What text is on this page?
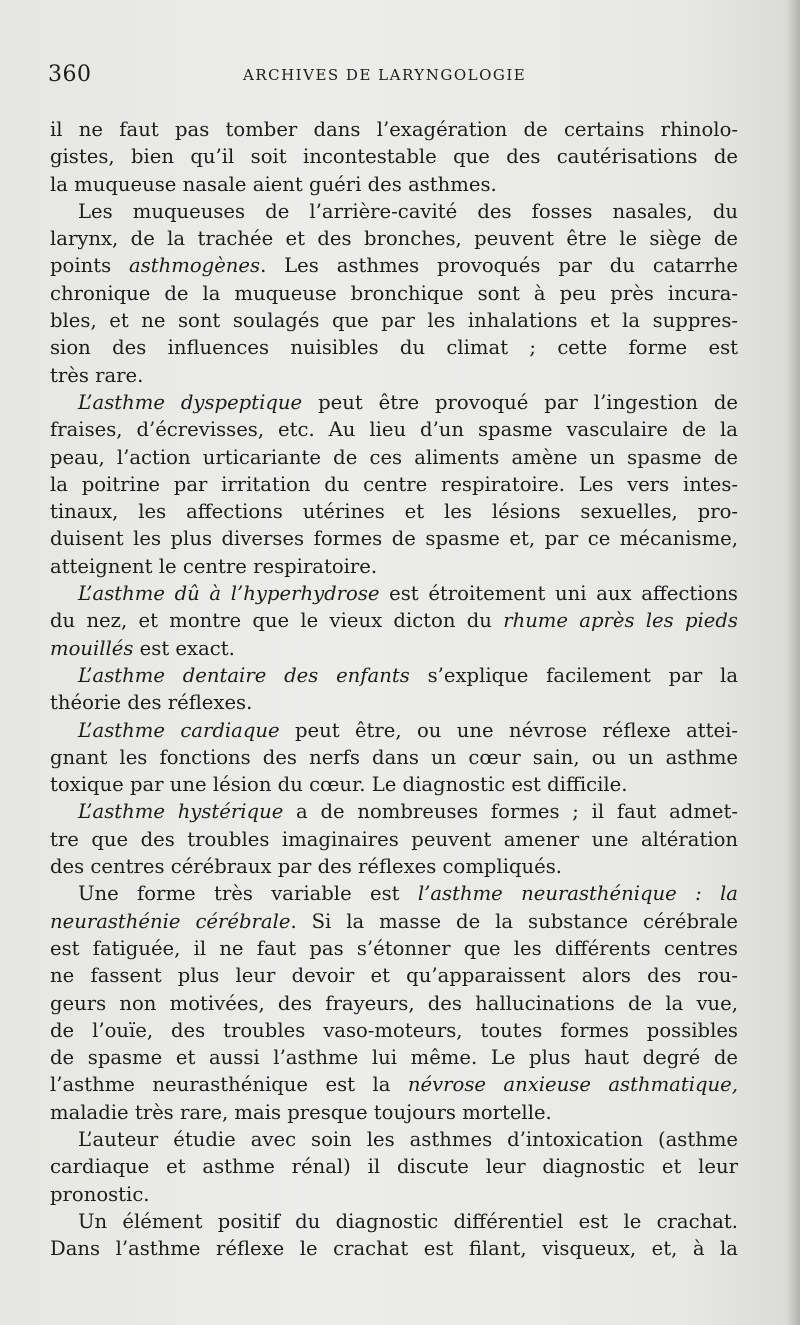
360	ARCHIVES DE LARYNGOLOGIE
il ne faut pas tomber dans l’exagération de certains rhinolo-
gistes, bien qu’il soit incontestable que des cautérisations de
la muqueuse nasale aient guéri des asthmes.
Les muqueuses de l’arrière-cavité des fosses nasales, du
larynx, de la trachée et des bronches, peuvent être le siège de
points asthmogènes. Les asthmes provoqués par du catarrhe
chronique de la muqueuse bronchique sont à peu près incura-
bles, et ne sont soulagés que par les inhalations et la suppres-
sion des influences nuisibles du climat ; cette forme est
très rare.
L’asthme dyspeptique peut être provoqué par l’ingestion de
fraises, d’écrevisses, etc. Au lieu d’un spasme vasculaire de la
peau, l’action urticariante de ces aliments amène un spasme de
la poitrine par irritation du centre respiratoire. Les vers intes-
tinaux, les affections utérines et les lésions sexuelles, pro-
duisent les plus diverses formes de spasme et, par ce mécanisme,
atteignent le centre respiratoire.
L’asthme dû à l’hyperhydrose est étroitement uni aux affections
du nez, et montre que le vieux dicton du rhume après les pieds
mouillés est exact.
L’asthme dentaire des enfants s’explique facilement par la
théorie des réflexes.
L’asthme cardiaque peut être, ou une névrose réflexe attei-
gnant les fonctions des nerfs dans un cœur sain, ou un asthme
toxique par une lésion du cœur. Le diagnostic est difficile.
L’asthme hystérique a de nombreuses formes ; il faut admet-
tre que des troubles imaginaires peuvent amener une altération
des centres cérébraux par des réflexes compliqués.
Une forme très variable est l’asthme neurasthénique : la
neurasthénie cérébrale. Si la masse de la substance cérébrale
est fatiguée, il ne faut pas s’étonner que les différents centres
ne fassent plus leur devoir et qu’apparaissent alors des rou-
geurs non motivées, des frayeurs, des hallucinations de la vue,
de l’ouïe, des troubles vaso-moteurs, toutes formes possibles
de spasme et aussi l’asthme lui même. Le plus haut degré de
l’asthme neurasthénique est la névrose anxieuse asthmatique,
maladie très rare, mais presque toujours mortelle.
L’auteur étudie avec soin les asthmes d’intoxication (asthme
cardiaque et asthme rénal) il discute leur diagnostic et leur
pronostic.
Un élément positif du diagnostic différentiel est le crachat.
Dans l’asthme réflexe le crachat est filant, visqueux, et, à la
